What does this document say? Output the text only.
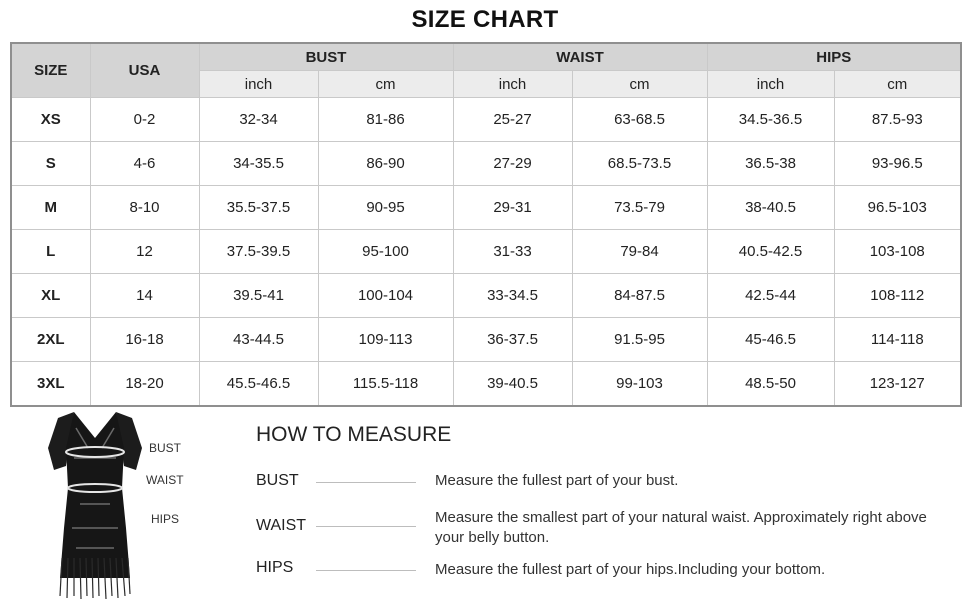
SIZE CHART
SIZE	USA	BUST		WAIST		HIPS	
		inch	cm	inch	cm	inch	cm
XS	0-2	32-34	81-86	25-27	63-68.5	34.5-36.5	87.5-93
S	4-6	34-35.5	86-90	27-29	68.5-73.5	36.5-38	93-96.5
M	8-10	35.5-37.5	90-95	29-31	73.5-79	38-40.5	96.5-103
L	12	37.5-39.5	95-100	31-33	79-84	40.5-42.5	103-108
XL	14	39.5-41	100-104	33-34.5	84-87.5	42.5-44	108-112
2XL	16-18	43-44.5	109-113	36-37.5	91.5-95	45-46.5	114-118
3XL	18-20	45.5-46.5	115.5-118	39-40.5	99-103	48.5-50	123-127
BUST
WAIST
HIPS
HOW TO MEASURE
BUST	Measure the fullest part of your bust.
WAIST	Measure the smallest part of your natural waist. Approximately right above your belly button.
HIPS	Measure the fullest part of your hips.Including your bottom.
